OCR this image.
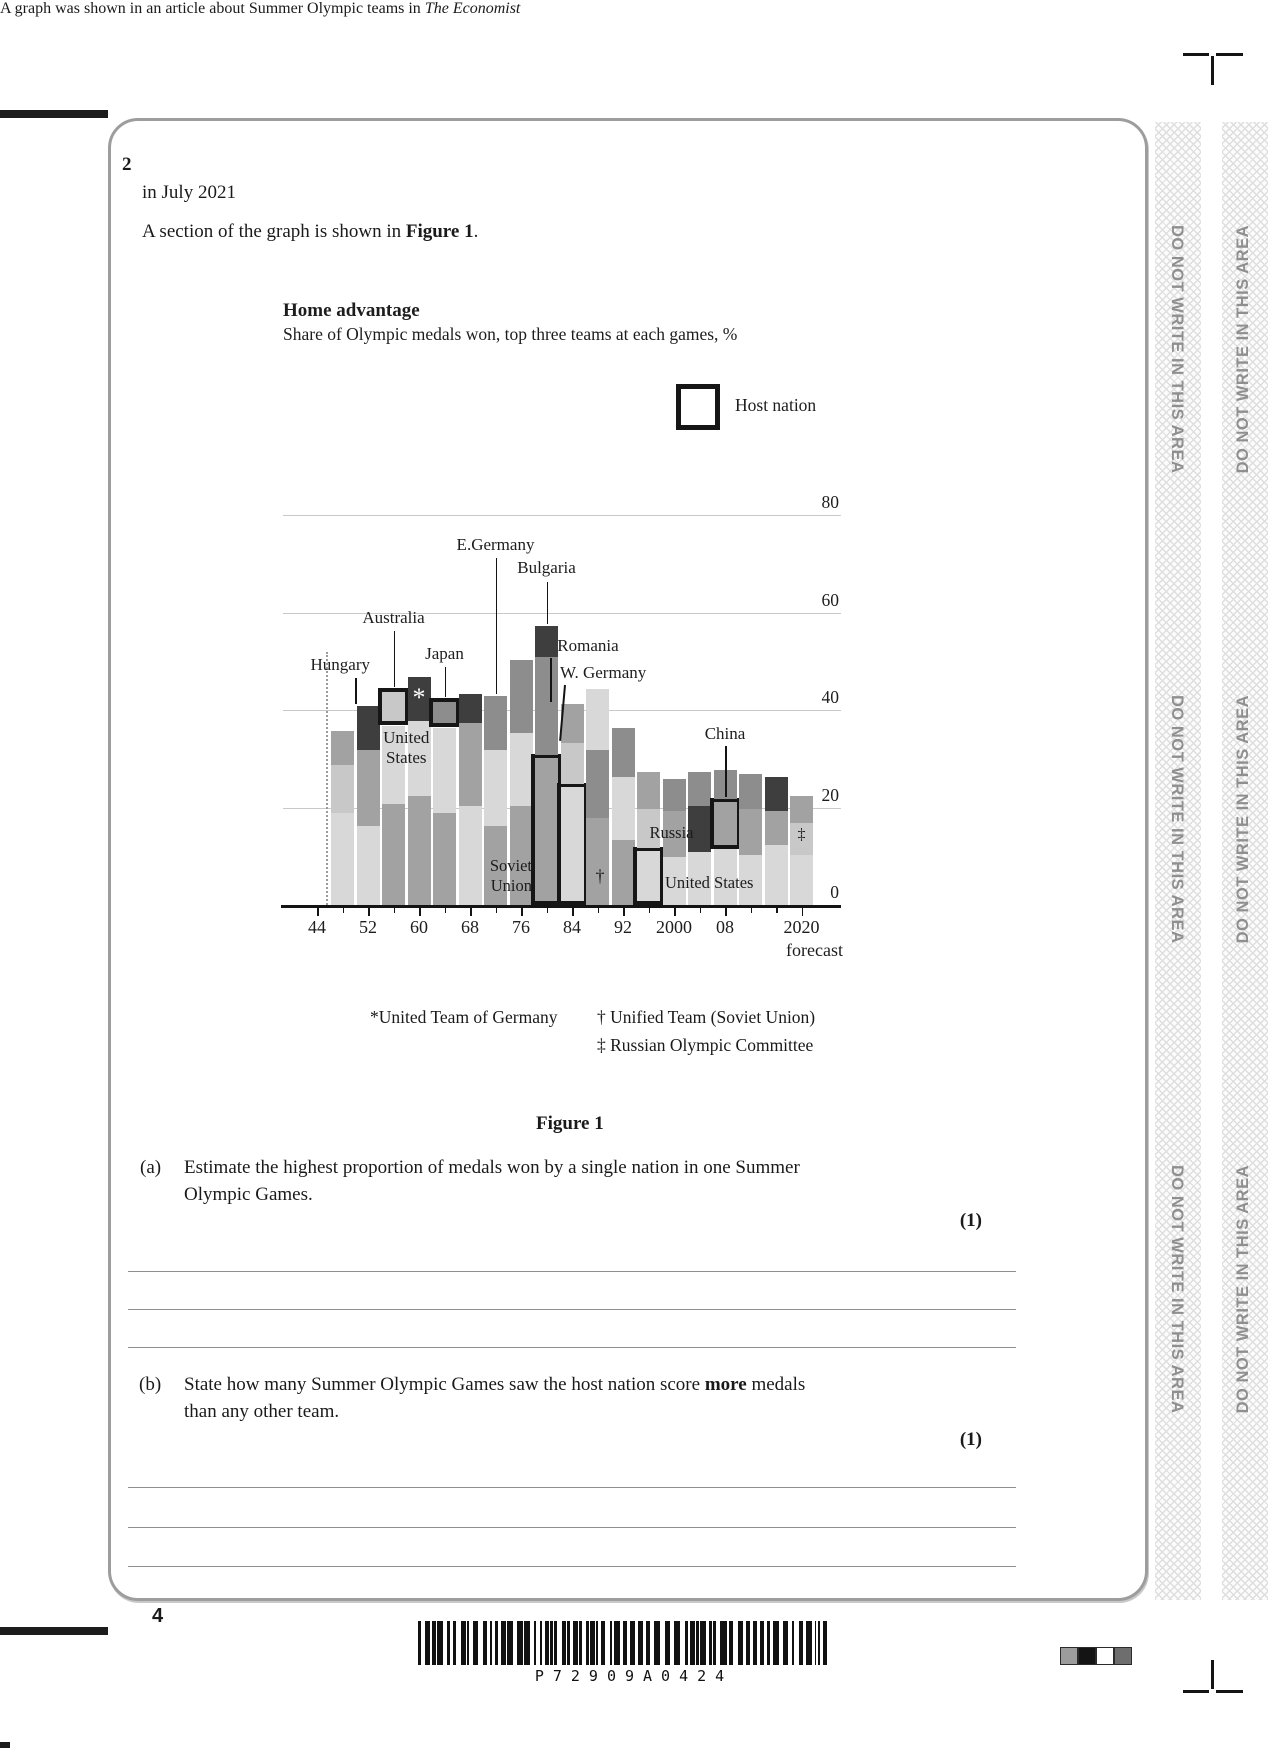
DO NOT WRITE IN THIS AREA
DO NOT WRITE IN THIS AREA
DO NOT WRITE IN THIS AREA
DO NOT WRITE IN THIS AREA
DO NOT WRITE IN THIS AREA
DO NOT WRITE IN THIS AREA
2
A graph was shown in an article about Summer Olympic teams in The Economist
in July 2021
A section of the graph is shown in Figure 1.
Home advantage
Share of Olympic medals won, top three teams at each games, %
Host nation
0
20
40
60
80
44 52 60 68 76 84 92 2000 08	2020
forecast
*
‡
Hungary
Australia
Japan
E.Germany
Bulgaria
Romania
W. Germany
China
United
States
Soviet
Union	†	United States
Russia
*United Team of Germany † Unified Team (Soviet Union)
‡ Russian Olympic Committee
Figure 1
(a) Estimate the highest proportion of medals won by a single nation in one Summer
Olympic Games.
(1)
(b) State how many Summer Olympic Games saw the host nation score more medals
than any other team.
(1)
4
P72909A0424
